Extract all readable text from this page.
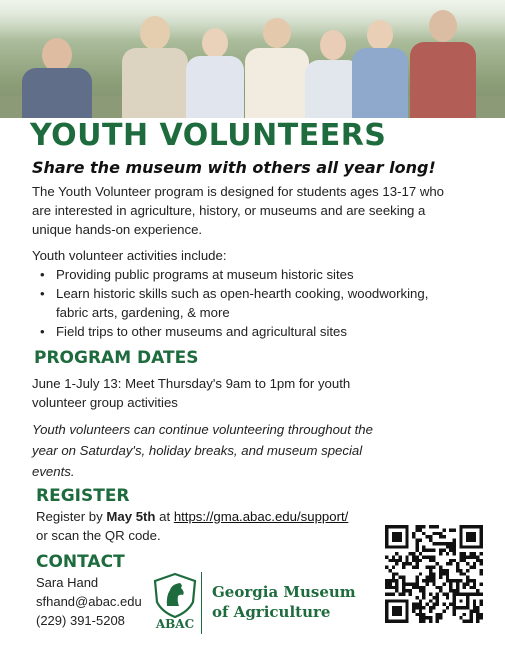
YOUTH VOLUNTEERS
Share the museum with others all year long!

The Youth Volunteer program is designed for students ages 13-17 who

are interested in agriculture, history, or museums and are seeking a

unique hands-on experience.

Youth volunteer activities include:

• Providing public programs at museum historic sites
• Learn historic skills such as open-hearth cooking, woodworking,
fabric arts, gardening, & more
• Field trips to other museums and agricultural sites
PROGRAM DATES

June 1-July 13: Meet Thursday's 9am to 1pm for youth

volunteer group activities

Youth volunteers can continue volunteering throughout the

year on Saturday's, holiday breaks, and museum special

events.

REGISTER

Register by May 5th at https://gma.abac.edu/support/

or scan the QR code.

CONTACT

Sara Hand

sfhand@abac.edu

(229) 391-5208	ABAC
Georgia Museum
of Agriculture
